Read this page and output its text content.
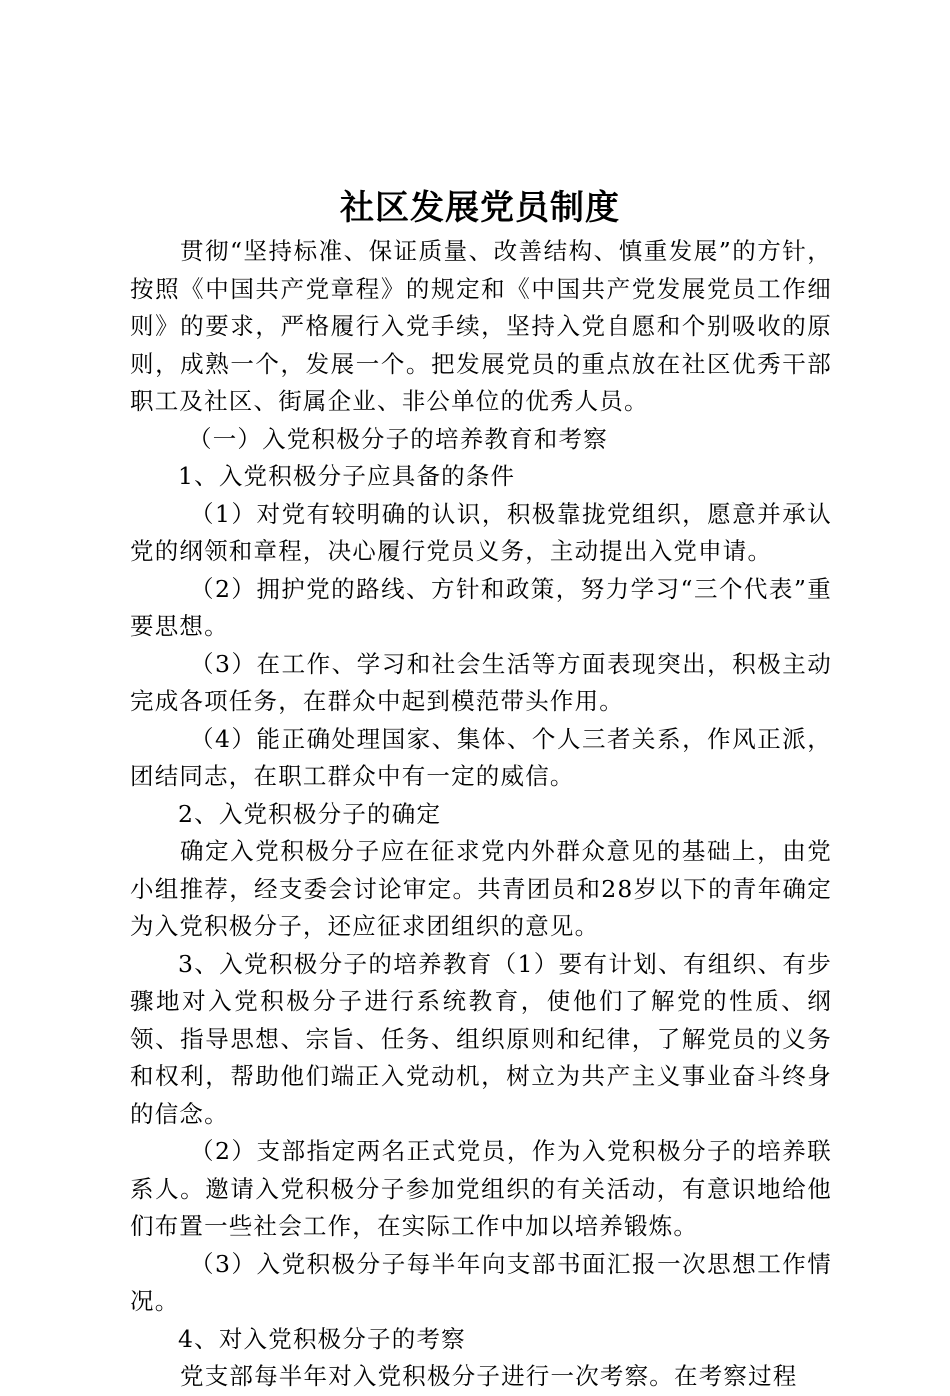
社区发展党员制度

贯彻“坚持标准、保证质量、改善结构、慎重发展”的方针，按照《中国共产党章程》的规定和《中国共产党发展党员工作细则》的要求，严格履行入党手续，坚持入党自愿和个别吸收的原则，成熟一个，发展一个。把发展党员的重点放在社区优秀干部职工及社区、街属企业、非公单位的优秀人员。

（一）入党积极分子的培养教育和考察

1、入党积极分子应具备的条件

（1）对党有较明确的认识，积极靠拢党组织，愿意并承认党的纲领和章程，决心履行党员义务，主动提出入党申请。

（2）拥护党的路线、方针和政策，努力学习“三个代表”重要思想。

（3）在工作、学习和社会生活等方面表现突出，积极主动完成各项任务，在群众中起到模范带头作用。

（4）能正确处理国家、集体、个人三者关系，作风正派，团结同志，在职工群众中有一定的威信。

2、入党积极分子的确定

确定入党积极分子应在征求党内外群众意见的基础上，由党小组推荐，经支委会讨论审定。共青团员和28岁以下的青年确定为入党积极分子，还应征求团组织的意见。

3、入党积极分子的培养教育（1）要有计划、有组织、有步骤地对入党积极分子进行系统教育，使他们了解党的性质、纲领、指导思想、宗旨、任务、组织原则和纪律，了解党员的义务和权利，帮助他们端正入党动机，树立为共产主义事业奋斗终身的信念。

（2）支部指定两名正式党员，作为入党积极分子的培养联系人。邀请入党积极分子参加党组织的有关活动，有意识地给他们布置一些社会工作，在实际工作中加以培养锻炼。

（3）入党积极分子每半年向支部书面汇报一次思想工作情况。

4、对入党积极分子的考察

党支部每半年对入党积极分子进行一次考察。在考察过程
